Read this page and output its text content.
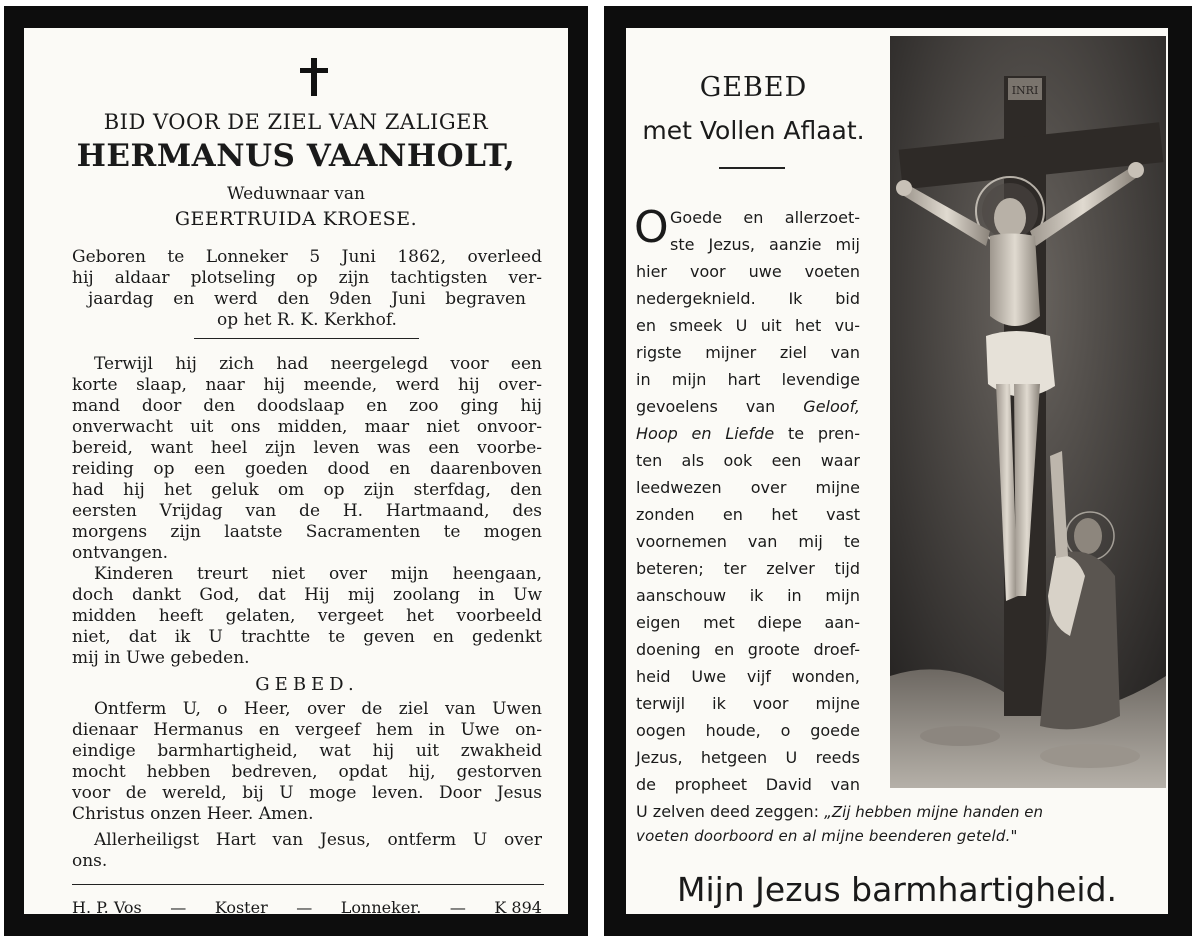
BID VOOR DE ZIEL VAN ZALIGER
HERMANUS VAANHOLT,
Weduwnaar van
GEERTRUIDA KROESE.
Geboren te Lonneker 5 Juni 1862, overleed
hij aldaar plotseling op zijn tachtigsten ver-
jaardag en werd den 9den Juni begraven
op het R. K. Kerkhof.
Terwijl hij zich had neergelegd voor een
korte slaap, naar hij meende, werd hij over-
mand door den doodslaap en zoo ging hij
onverwacht uit ons midden, maar niet onvoor-
bereid, want heel zijn leven was een voorbe-
reiding op een goeden dood en daarenboven
had hij het geluk om op zijn sterfdag, den
eersten Vrijdag van de H. Hartmaand, des
morgens zijn laatste Sacramenten te mogen
ontvangen.
Kinderen treurt niet over mijn heengaan,
doch dankt God, dat Hij mij zoolang in Uw
midden heeft gelaten, vergeet het voorbeeld
niet, dat ik U trachtte te geven en gedenkt
mij in Uwe gebeden.
GEBED.
Ontferm U, o Heer, over de ziel van Uwen
dienaar Hermanus en vergeef hem in Uwe on-
eindige barmhartigheid, wat hij uit zwakheid
mocht hebben bedreven, opdat hij, gestorven
voor de wereld, bij U moge leven. Door Jesus
Christus onzen Heer. Amen.
Allerheiligst Hart van Jesus, ontferm U over
ons.
H. P. Vos — Koster — Lonneker. — K 894
GEBED
met Vollen Aflaat.
O Goede en allerzoet-
ste Jezus, aanzie mij
hier voor uwe voeten
nedergeknield. Ik bid
en smeek U uit het vu-
rigste mijner ziel van
in mijn hart levendige
gevoelens van Geloof,
Hoop en Liefde te pren-
ten als ook een waar
leedwezen over mijne
zonden en het vast
voornemen van mij te
beteren; ter zelver tijd
aanschouw ik in mijn
eigen met diepe aan-
doening en groote droef-
heid Uwe vijf wonden,
terwijl ik voor mijne
oogen houde, o goede
Jezus, hetgeen U reeds
de propheet David van
U zelven deed zeggen: „Zij hebben mijne handen en
voeten doorboord en al mijne beenderen geteld."
Mijn Jezus barmhartigheid.
INRI
